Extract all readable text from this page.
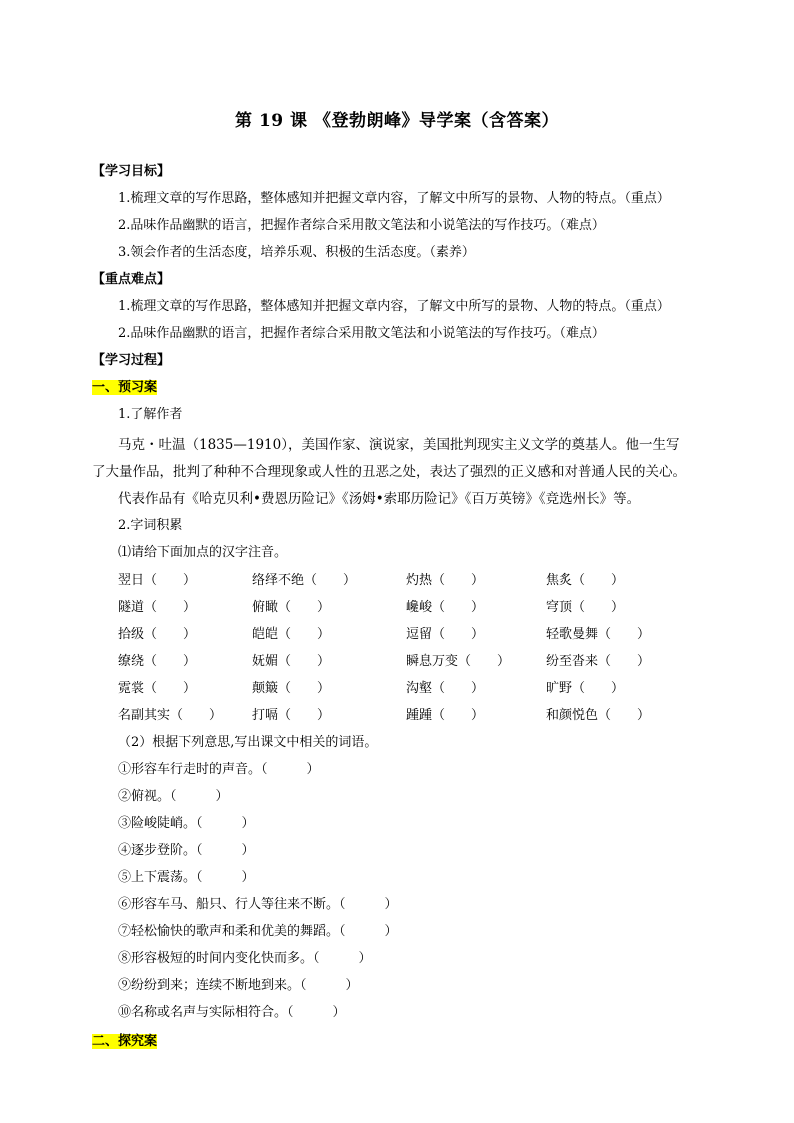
第 19 课 《登勃朗峰》导学案（含答案）
【学习目标】
1.梳理文章的写作思路，整体感知并把握文章内容，了解文中所写的景物、人物的特点。（重点）
2.品味作品幽默的语言，把握作者综合采用散文笔法和小说笔法的写作技巧。（难点）
3.领会作者的生活态度，培养乐观、积极的生活态度。（素养）
【重点难点】
1.梳理文章的写作思路，整体感知并把握文章内容，了解文中所写的景物、人物的特点。（重点）
2.品味作品幽默的语言，把握作者综合采用散文笔法和小说笔法的写作技巧。（难点）
【学习过程】
一、预习案
1.了解作者
马克・吐温（1835—1910），美国作家、演说家，美国批判现实主义文学的奠基人。他一生写
了大量作品，批判了种种不合理现象或人性的丑恶之处，表达了强烈的正义感和对普通人民的关心。
代表作品有《哈克贝利•费恩历险记》《汤姆•索耶历险记》《百万英镑》《竞选州长》等。
2.字词积累
⑴请给下面加点的汉字注音。
翌日（　　）	络绎不绝（　　）	灼热（　　）	焦炙（　　）
隧道（　　）	俯瞰（　　）	巉峻（　　）	穹顶（　　）
拾级（　　）	皑皑（　　）	逗留（　　）	轻歌曼舞（　　）
缭绕（　　）	妩媚（　　）	瞬息万变（　　）	纷至沓来（　　）
霓裳（　　）	颠簸（　　）	沟壑（　　）	旷野（　　）
名副其实（　　） 打嗝（　　）	踵踵（　　）	和颜悦色（　　）
（2）根据下列意思,写出课文中相关的词语。
①形容车行走时的声音。（　　　）
②俯视。（　　　）
③险峻陡峭。（　　　）
④逐步登阶。（　　　）
⑤上下震荡。（　　　）
⑥形容车马、船只、行人等往来不断。（　　　）
⑦轻松愉快的歌声和柔和优美的舞蹈。（　　　）
⑧形容极短的时间内变化快而多。（　　　）
⑨纷纷到来；连续不断地到来。（　　　）
⑩名称或名声与实际相符合。（　　　）
二、探究案
